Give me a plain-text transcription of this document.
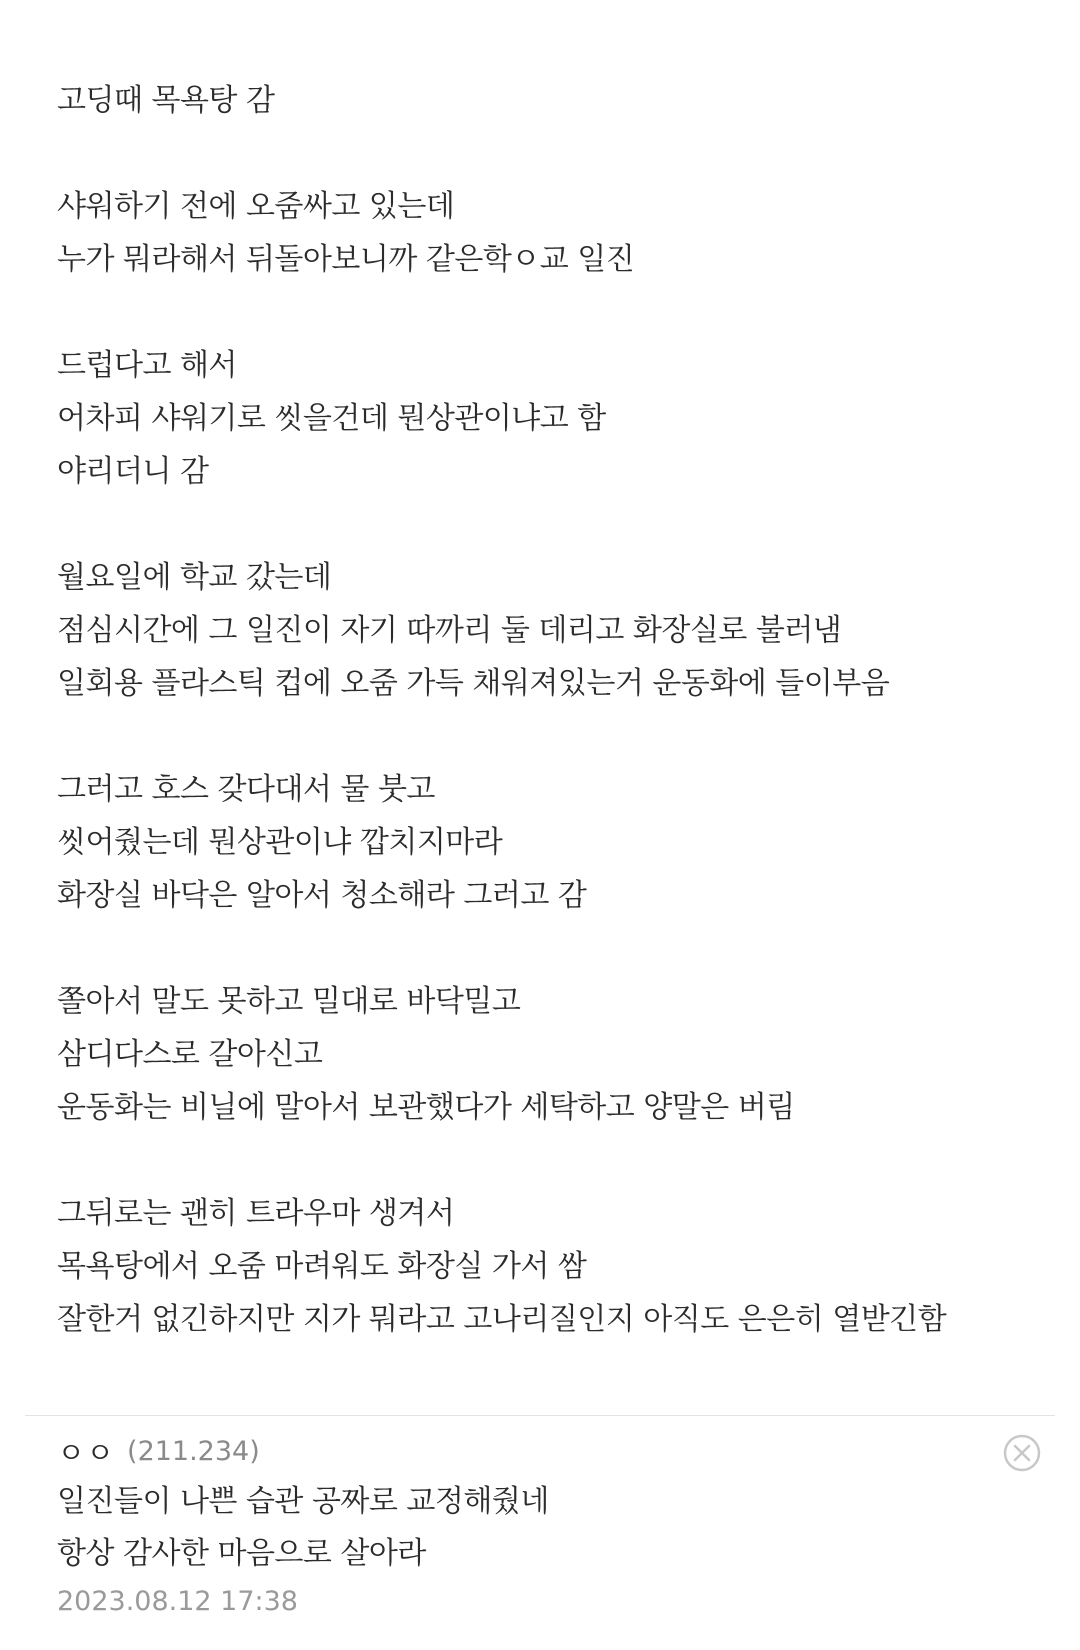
고딩때 목욕탕 감
샤워하기 전에 오줌싸고 있는데
누가 뭐라해서 뒤돌아보니까 같은학ㅇ교 일진
드럽다고 해서
어차피 샤워기로 씻을건데 뭔상관이냐고 함
야리더니 감
월요일에 학교 갔는데
점심시간에 그 일진이 자기 따까리 둘 데리고 화장실로 불러냄
일회용 플라스틱 컵에 오줌 가득 채워져있는거 운동화에 들이부음
그러고 호스 갖다대서 물 붓고
씻어줬는데 뭔상관이냐 깝치지마라
화장실 바닥은 알아서 청소해라 그러고 감
쫄아서 말도 못하고 밀대로 바닥밀고
삼디다스로 갈아신고
운동화는 비닐에 말아서 보관했다가 세탁하고 양말은 버림
그뒤로는 괜히 트라우마 생겨서
목욕탕에서 오줌 마려워도 화장실 가서 쌈
잘한거 없긴하지만 지가 뭐라고 고나리질인지 아직도 은은히 열받긴함
ㅇㅇ (211.234)
일진들이 나쁜 습관 공짜로 교정해줬네
항상 감사한 마음으로 살아라
2023.08.12 17:38
